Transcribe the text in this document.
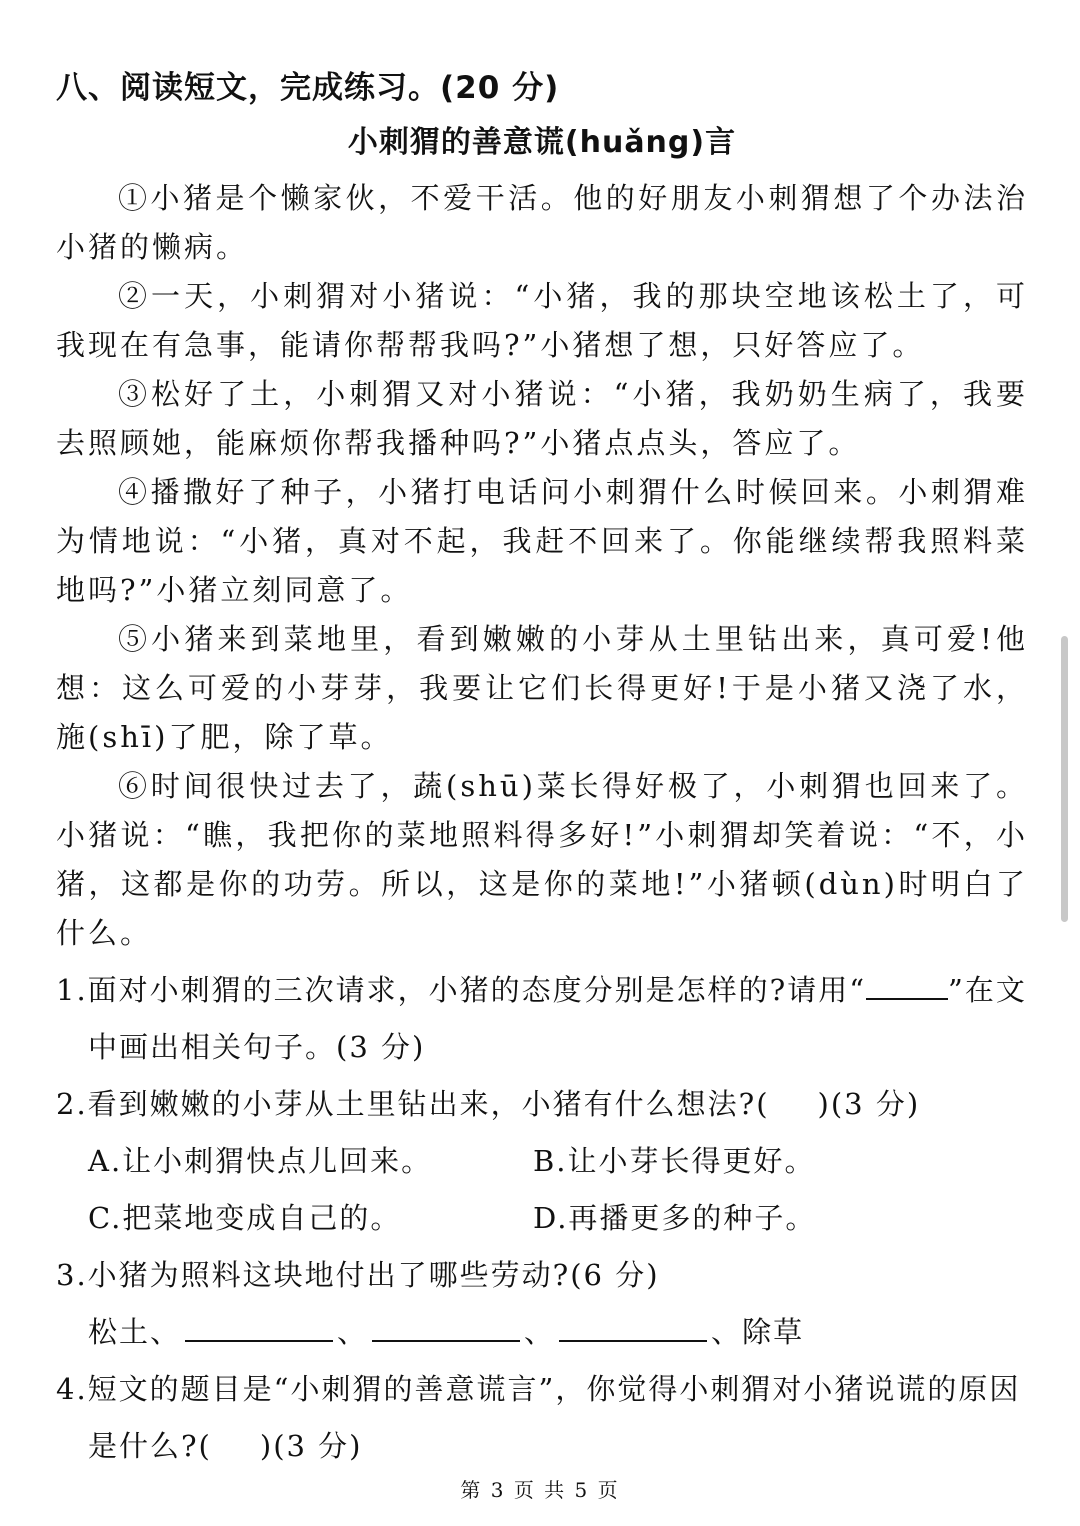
八、阅读短文，完成练习。(20 分)
小刺猬的善意谎(huǎng)言

①小猪是个懒家伙，不爱干活。他的好朋友小刺猬想了个办法治小猪的懒病。

②一天，小刺猬对小猪说：“小猪，我的那块空地该松土了，可我现在有急事，能请你帮帮我吗?”小猪想了想，只好答应了。

③松好了土，小刺猬又对小猪说：“小猪，我奶奶生病了，我要去照顾她，能麻烦你帮我播种吗?”小猪点点头，答应了。

④播撒好了种子，小猪打电话问小刺猬什么时候回来。小刺猬难为情地说：“小猪，真对不起，我赶不回来了。你能继续帮我照料菜地吗?”小猪立刻同意了。

⑤小猪来到菜地里，看到嫩嫩的小芽从土里钻出来，真可爱!他想：这么可爱的小芽芽，我要让它们长得更好!于是小猪又浇了水，施(shī)了肥，除了草。

⑥时间很快过去了，蔬(shū)菜长得好极了，小刺猬也回来了。小猪说：“瞧，我把你的菜地照料得多好!”小刺猬却笑着说：“不，小猪，这都是你的功劳。所以，这是你的菜地!”小猪顿(dùn)时明白了什么。

1.面对小刺猬的三次请求，小猪的态度分别是怎样的?请用“	”在文中画出相关句子。(3 分)

2.看到嫩嫩的小芽从土里钻出来，小猪有什么想法?( )(3 分)

A.让小刺猬快点儿回来。	B.让小芽长得更好。
C.把菜地变成自己的。	D.再播更多的种子。

3.小猪为照料这块地付出了哪些劳动?(6 分)

松土、	、	、	、除草

4.短文的题目是“小刺猬的善意谎言”，你觉得小刺猬对小猪说谎的原因是什么?( )(3 分)

第 3 页 共 5 页
